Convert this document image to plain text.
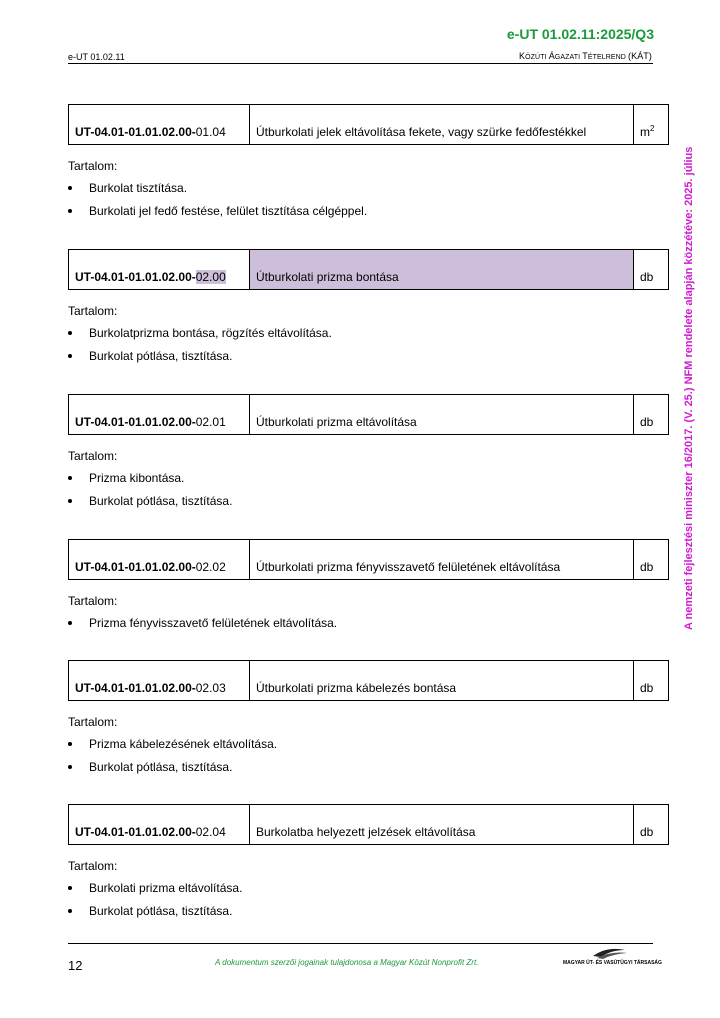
e-UT 01.02.11:2025/Q3
e-UT 01.02.11	KÖZÚTI ÁGAZATI TÉTELREND (KÁT)
A nemzeti fejlesztési miniszter 16/2017. (V. 25.) NFM rendelete alapján közzétéve: 2025. július
UT-04.01-01.01.02.00-01.04	Útburkolati jelek eltávolítása fekete, vagy szürke fedőfestékkel	$m^2$
Tartalom:
Burkolat tisztítása.
Burkolati jel fedő festése, felület tisztítása célgéppel.
UT-04.01-01.01.02.00-02.00	Útburkolati prizma bontása	db
Tartalom:
Burkolatprizma bontása, rögzítés eltávolítása.
Burkolat pótlása, tisztítása.
UT-04.01-01.01.02.00-02.01	Útburkolati prizma eltávolítása	db
Tartalom:
Prizma kibontása.
Burkolat pótlása, tisztítása.
UT-04.01-01.01.02.00-02.02	Útburkolati prizma fényvisszavető felületének eltávolítása	db
Tartalom:
Prizma fényvisszavető felületének eltávolítása.
UT-04.01-01.01.02.00-02.03	Útburkolati prizma kábelezés bontása	db
Tartalom:
Prizma kábelezésének eltávolítása.
Burkolat pótlása, tisztítása.
UT-04.01-01.01.02.00-02.04	Burkolatba helyezett jelzések eltávolítása	db
Tartalom:
Burkolati prizma eltávolítása.
Burkolat pótlása, tisztítása.
12	A dokumentum szerzői jogainak tulajdonosa a Magyar Közút Nonprofit Zrt.	MAGYAR ÚT- ÉS VASÚTÜGYI TÁRSASÁG
